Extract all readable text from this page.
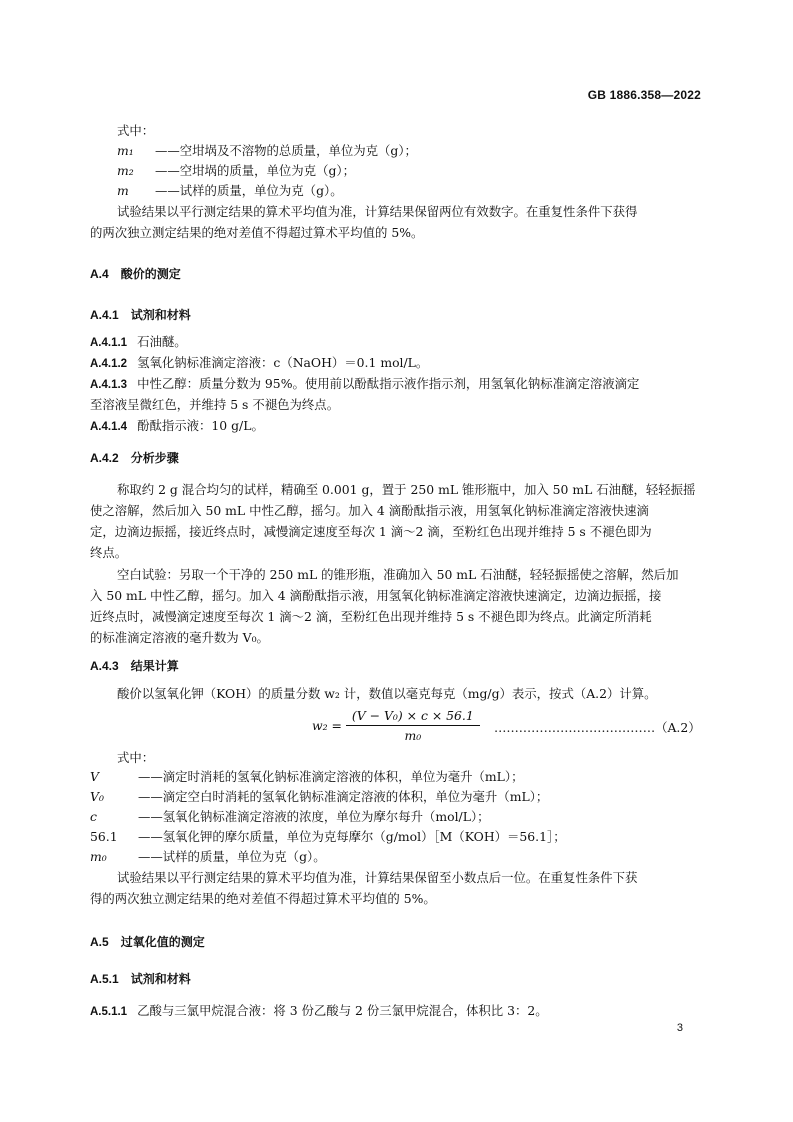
GB 1886.358—2022
式中：
m₁ ——空坩埚及不溶物的总质量，单位为克（g）；
m₂ ——空坩埚的质量，单位为克（g）；
m ——试样的质量，单位为克（g）。
试验结果以平行测定结果的算术平均值为准，计算结果保留两位有效数字。在重复性条件下获得
的两次独立测定结果的绝对差值不得超过算术平均值的 5%。
A.4 酸价的测定
A.4.1 试剂和材料
A.4.1.1 石油醚。
A.4.1.2 氢氧化钠标准滴定溶液：c（NaOH）＝0.1 mol/L。
A.4.1.3 中性乙醇：质量分数为 95%。使用前以酚酞指示液作指示剂，用氢氧化钠标准滴定溶液滴定
至溶液呈微红色，并维持 5 s 不褪色为终点。
A.4.1.4 酚酞指示液：10 g/L。
A.4.2 分析步骤
称取约 2 g 混合均匀的试样，精确至 0.001 g，置于 250 mL 锥形瓶中，加入 50 mL 石油醚，轻轻振摇
使之溶解，然后加入 50 mL 中性乙醇，摇匀。加入 4 滴酚酞指示液，用氢氧化钠标准滴定溶液快速滴
定，边滴边振摇，接近终点时，减慢滴定速度至每次 1 滴～2 滴，至粉红色出现并维持 5 s 不褪色即为
终点。
空白试验：另取一个干净的 250 mL 的锥形瓶，准确加入 50 mL 石油醚，轻轻振摇使之溶解，然后加
入 50 mL 中性乙醇，摇匀。加入 4 滴酚酞指示液，用氢氧化钠标准滴定溶液快速滴定，边滴边振摇，接
近终点时，减慢滴定速度至每次 1 滴～2 滴，至粉红色出现并维持 5 s 不褪色即为终点。此滴定所消耗
的标准滴定溶液的毫升数为 V₀。
A.4.3 结果计算
酸价以氢氧化钾（KOH）的质量分数 w₂ 计，数值以毫克每克（mg/g）表示，按式（A.2）计算。
$w_2 = \frac{\text{(V − V₀) × c × 56.1}}{\text{m₀}}$ …………………………………（A.2）
式中：
V	——滴定时消耗的氢氧化钠标准滴定溶液的体积，单位为毫升（mL）；
V₀	——滴定空白时消耗的氢氧化钠标准滴定溶液的体积，单位为毫升（mL）；
c	——氢氧化钠标准滴定溶液的浓度，单位为摩尔每升（mol/L）；
56.1 ——氢氧化钾的摩尔质量，单位为克每摩尔（g/mol）［M（KOH）＝56.1］；
m₀	——试样的质量，单位为克（g）。
试验结果以平行测定结果的算术平均值为准，计算结果保留至小数点后一位。在重复性条件下获
得的两次独立测定结果的绝对差值不得超过算术平均值的 5%。
A.5 过氧化值的测定
A.5.1 试剂和材料
A.5.1.1 乙酸与三氯甲烷混合液：将 3 份乙酸与 2 份三氯甲烷混合，体积比 3：2。
3
